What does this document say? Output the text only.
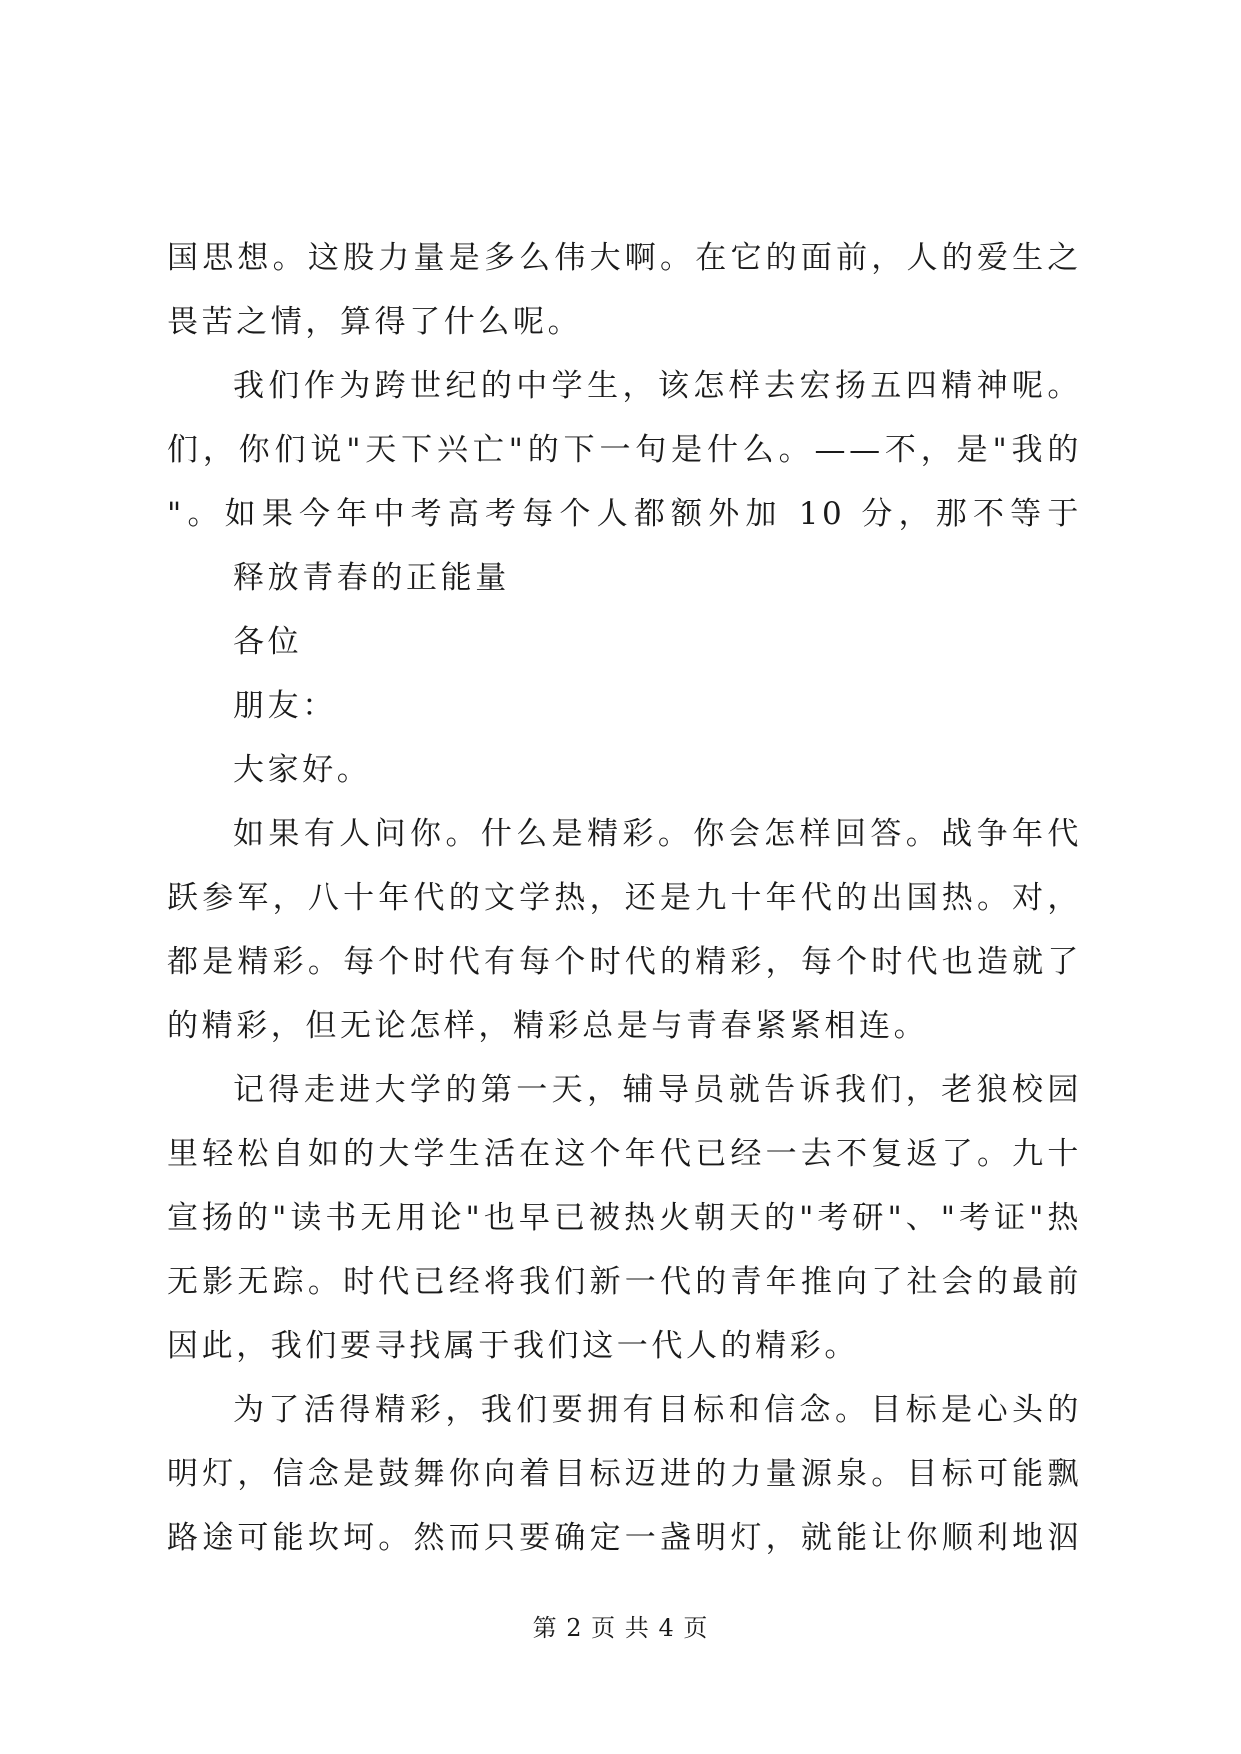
国思想。这股力量是多么伟大啊。在它的面前，人的爱生之
畏苦之情，算得了什么呢。
我们作为跨世纪的中学生，该怎样去宏扬五四精神呢。
们，你们说"天下兴亡"的下一句是什么。——不，是"我的
"。如果今年中考高考每个人都额外加 10 分，那不等于
释放青春的正能量
各位
朋友：
大家好。
如果有人问你。什么是精彩。你会怎样回答。战争年代
跃参军，八十年代的文学热，还是九十年代的出国热。对，
都是精彩。每个时代有每个时代的精彩，每个时代也造就了
的精彩，但无论怎样，精彩总是与青春紧紧相连。
记得走进大学的第一天，辅导员就告诉我们，老狼校园
里轻松自如的大学生活在这个年代已经一去不复返了。九十
宣扬的"读书无用论"也早已被热火朝天的"考研"、"考证"热
无影无踪。时代已经将我们新一代的青年推向了社会的最前
因此，我们要寻找属于我们这一代人的精彩。
为了活得精彩，我们要拥有目标和信念。目标是心头的
明灯，信念是鼓舞你向着目标迈进的力量源泉。目标可能飘
路途可能坎坷。然而只要确定一盏明灯，就能让你顺利地泅
第 2 页 共 4 页
